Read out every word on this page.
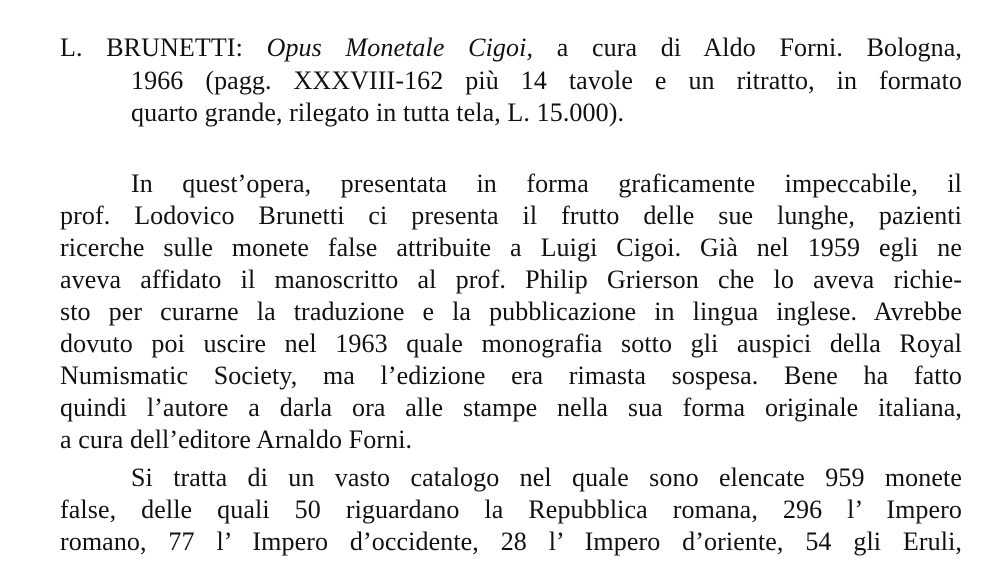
L. BRUNETTI: Opus Monetale Cigoi, a cura di Aldo Forni. Bologna,
1966 (pagg. XXXVIII-162 più 14 tavole e un ritratto, in formato
quarto grande, rilegato in tutta tela, L. 15.000).
In quest’opera, presentata in forma graficamente impeccabile, il
prof. Lodovico Brunetti ci presenta il frutto delle sue lunghe, pazienti
ricerche sulle monete false attribuite a Luigi Cigoi. Già nel 1959 egli ne
aveva affidato il manoscritto al prof. Philip Grierson che lo aveva richie-
sto per curarne la traduzione e la pubblicazione in lingua inglese. Avrebbe
dovuto poi uscire nel 1963 quale monografia sotto gli auspici della Royal
Numismatic Society, ma l’edizione era rimasta sospesa. Bene ha fatto
quindi l’autore a darla ora alle stampe nella sua forma originale italiana,
a cura dell’editore Arnaldo Forni.
Si tratta di un vasto catalogo nel quale sono elencate 959 monete
false, delle quali 50 riguardano la Repubblica romana, 296 l’ Impero
romano, 77 l’ Impero d’occidente, 28 l’ Impero d’oriente, 54 gli Eruli,
